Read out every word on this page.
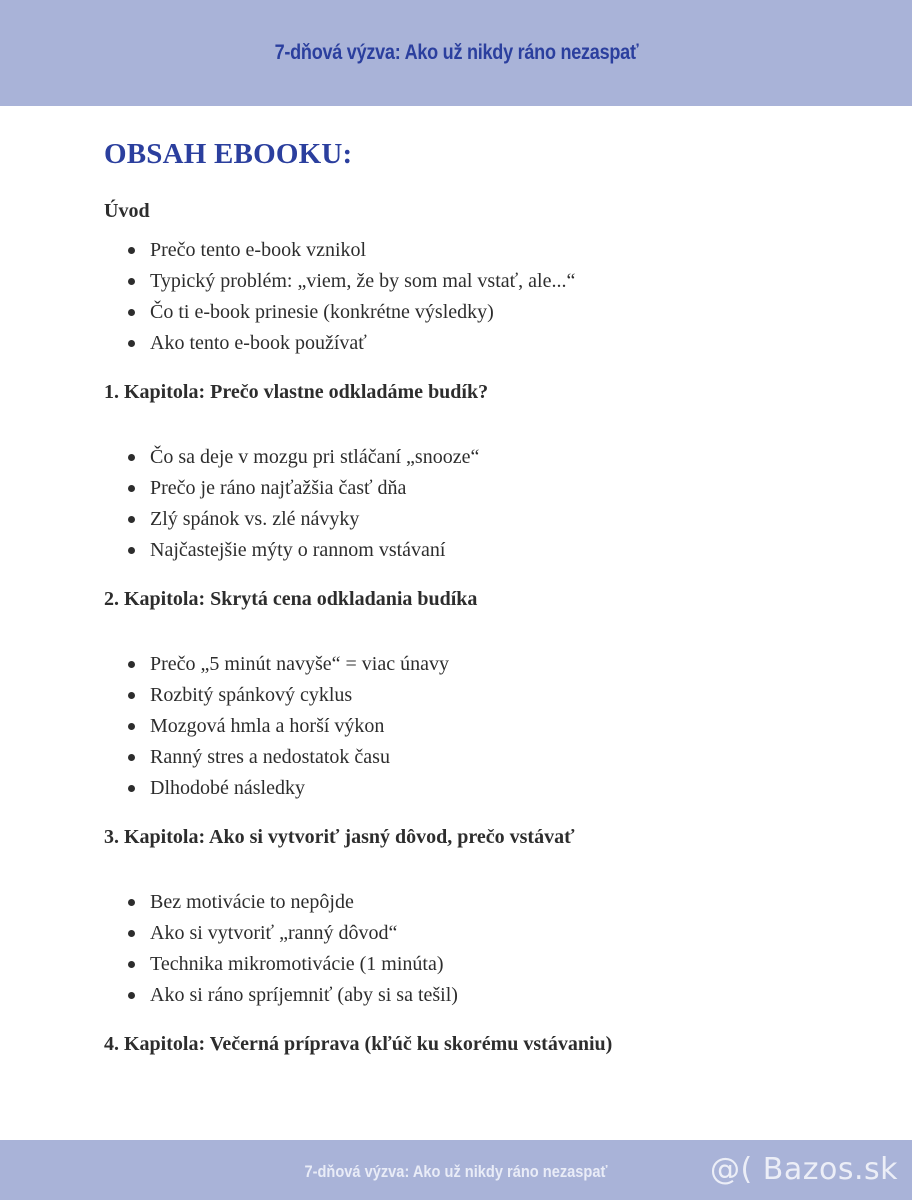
7-dňová výzva: Ako už nikdy ráno nezaspať
OBSAH EBOOKU:
Úvod
Prečo tento e-book vznikol
Typický problém: „viem, že by som mal vstať, ale...“
Čo ti e-book prinesie (konkrétne výsledky)
Ako tento e-book používať
1. Kapitola: Prečo vlastne odkladáme budík?
Čo sa deje v mozgu pri stláčaní „snooze“
Prečo je ráno najťažšia časť dňa
Zlý spánok vs. zlé návyky
Najčastejšie mýty o rannom vstávaní
2. Kapitola: Skrytá cena odkladania budíka
Prečo „5 minút navyše“ = viac únavy
Rozbitý spánkový cyklus
Mozgová hmla a horší výkon
Ranný stres a nedostatok času
Dlhodobé následky
3. Kapitola: Ako si vytvoriť jasný dôvod, prečo vstávať
Bez motivácie to nepôjde
Ako si vytvoriť „ranný dôvod“
Technika mikromotivácie (1 minúta)
Ako si ráno spríjemniť (aby si sa tešil)
4. Kapitola: Večerná príprava (kľúč ku skorému vstávaniu)
7-dňová výzva: Ako už nikdy ráno nezaspať	@( Bazos.sk
